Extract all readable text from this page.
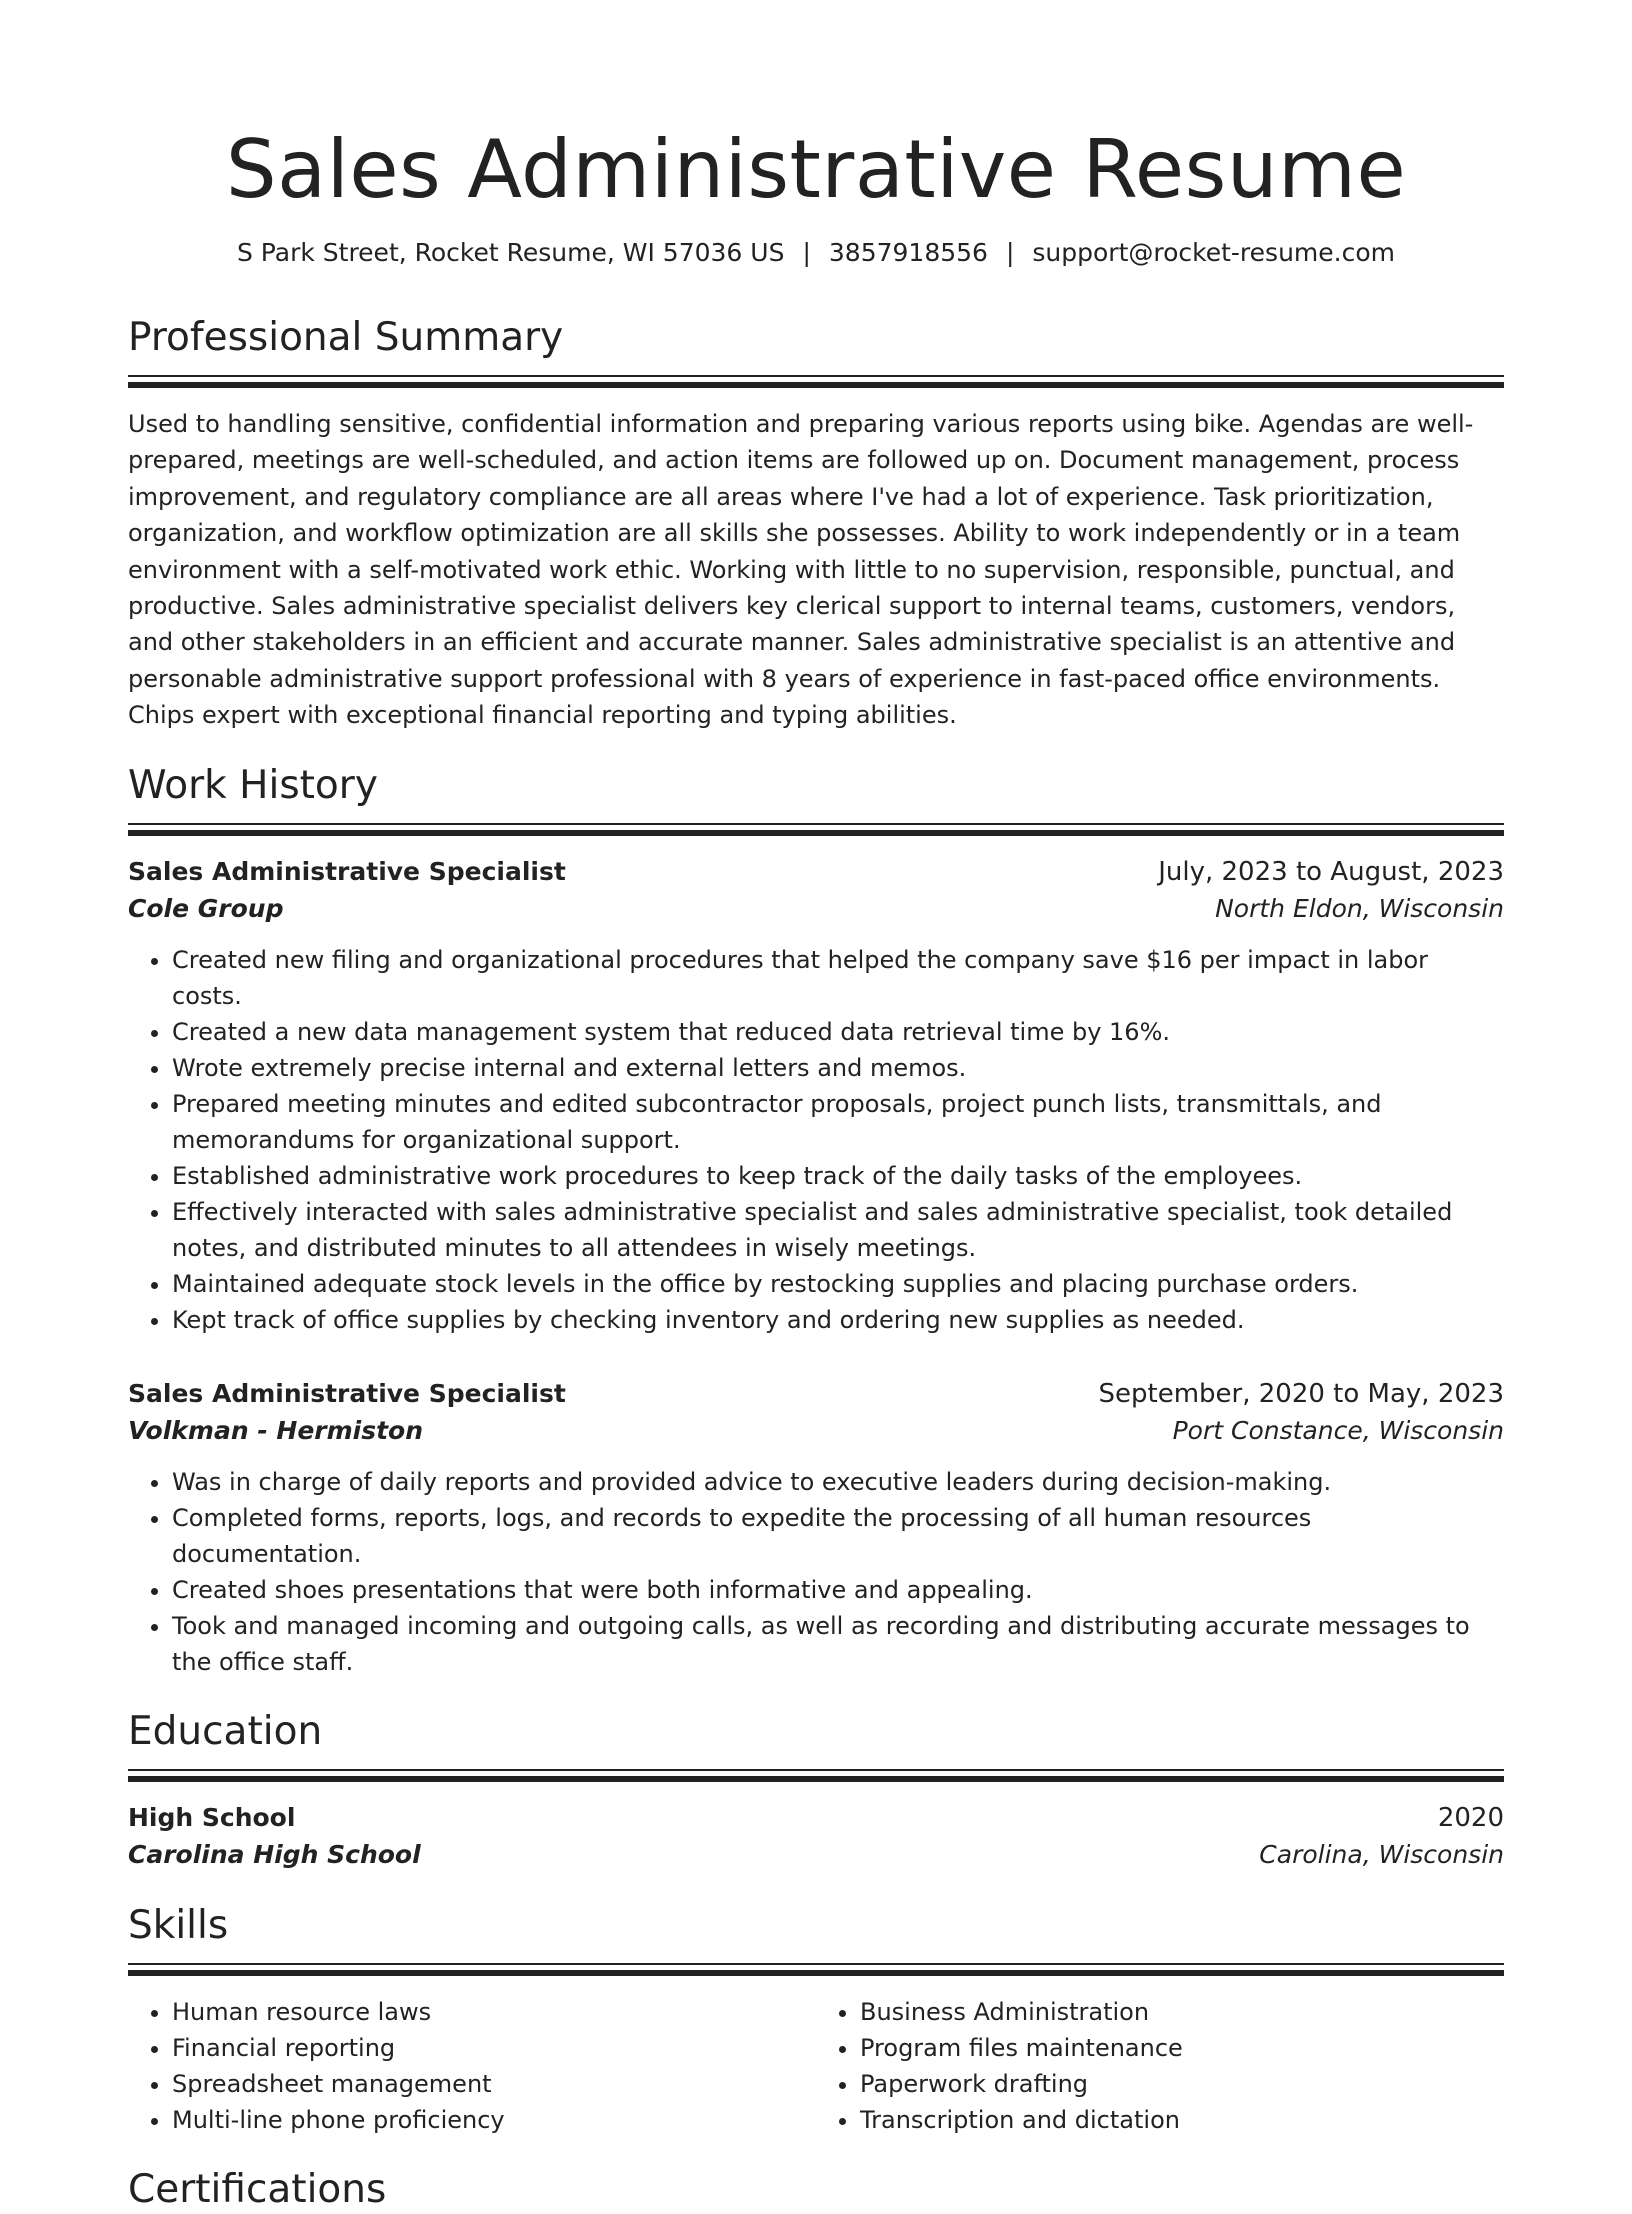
Sales Administrative Resume
S Park Street, Rocket Resume, WI 57036 US | 3857918556 | support@rocket-resume.com
Professional Summary
Used to handling sensitive, confidential information and preparing various reports using bike. Agendas are well-prepared, meetings are well-scheduled, and action items are followed up on. Document management, process improvement, and regulatory compliance are all areas where I've had a lot of experience. Task prioritization, organization, and workflow optimization are all skills she possesses. Ability to work independently or in a team environment with a self-motivated work ethic. Working with little to no supervision, responsible, punctual, and productive. Sales administrative specialist delivers key clerical support to internal teams, customers, vendors, and other stakeholders in an efficient and accurate manner. Sales administrative specialist is an attentive and personable administrative support professional with 8 years of experience in fast-paced office environments. Chips expert with exceptional financial reporting and typing abilities.
Work History
Sales Administrative Specialist	July, 2023 to August, 2023
Cole Group	North Eldon, Wisconsin
• Created new filing and organizational procedures that helped the company save $16 per impact in labor costs.
• Created a new data management system that reduced data retrieval time by 16%.
• Wrote extremely precise internal and external letters and memos.
• Prepared meeting minutes and edited subcontractor proposals, project punch lists, transmittals, and memorandums for organizational support.
• Established administrative work procedures to keep track of the daily tasks of the employees.
• Effectively interacted with sales administrative specialist and sales administrative specialist, took detailed notes, and distributed minutes to all attendees in wisely meetings.
• Maintained adequate stock levels in the office by restocking supplies and placing purchase orders.
• Kept track of office supplies by checking inventory and ordering new supplies as needed.
Sales Administrative Specialist	September, 2020 to May, 2023
Volkman - Hermiston	Port Constance, Wisconsin
• Was in charge of daily reports and provided advice to executive leaders during decision-making.
• Completed forms, reports, logs, and records to expedite the processing of all human resources documentation.
• Created shoes presentations that were both informative and appealing.
• Took and managed incoming and outgoing calls, as well as recording and distributing accurate messages to the office staff.
Education
High School	2020
Carolina High School	Carolina, Wisconsin
Skills
• Human resource laws
• Financial reporting
• Spreadsheet management
• Multi-line phone proficiency
• Business Administration
• Program files maintenance
• Paperwork drafting
• Transcription and dictation
Certifications
